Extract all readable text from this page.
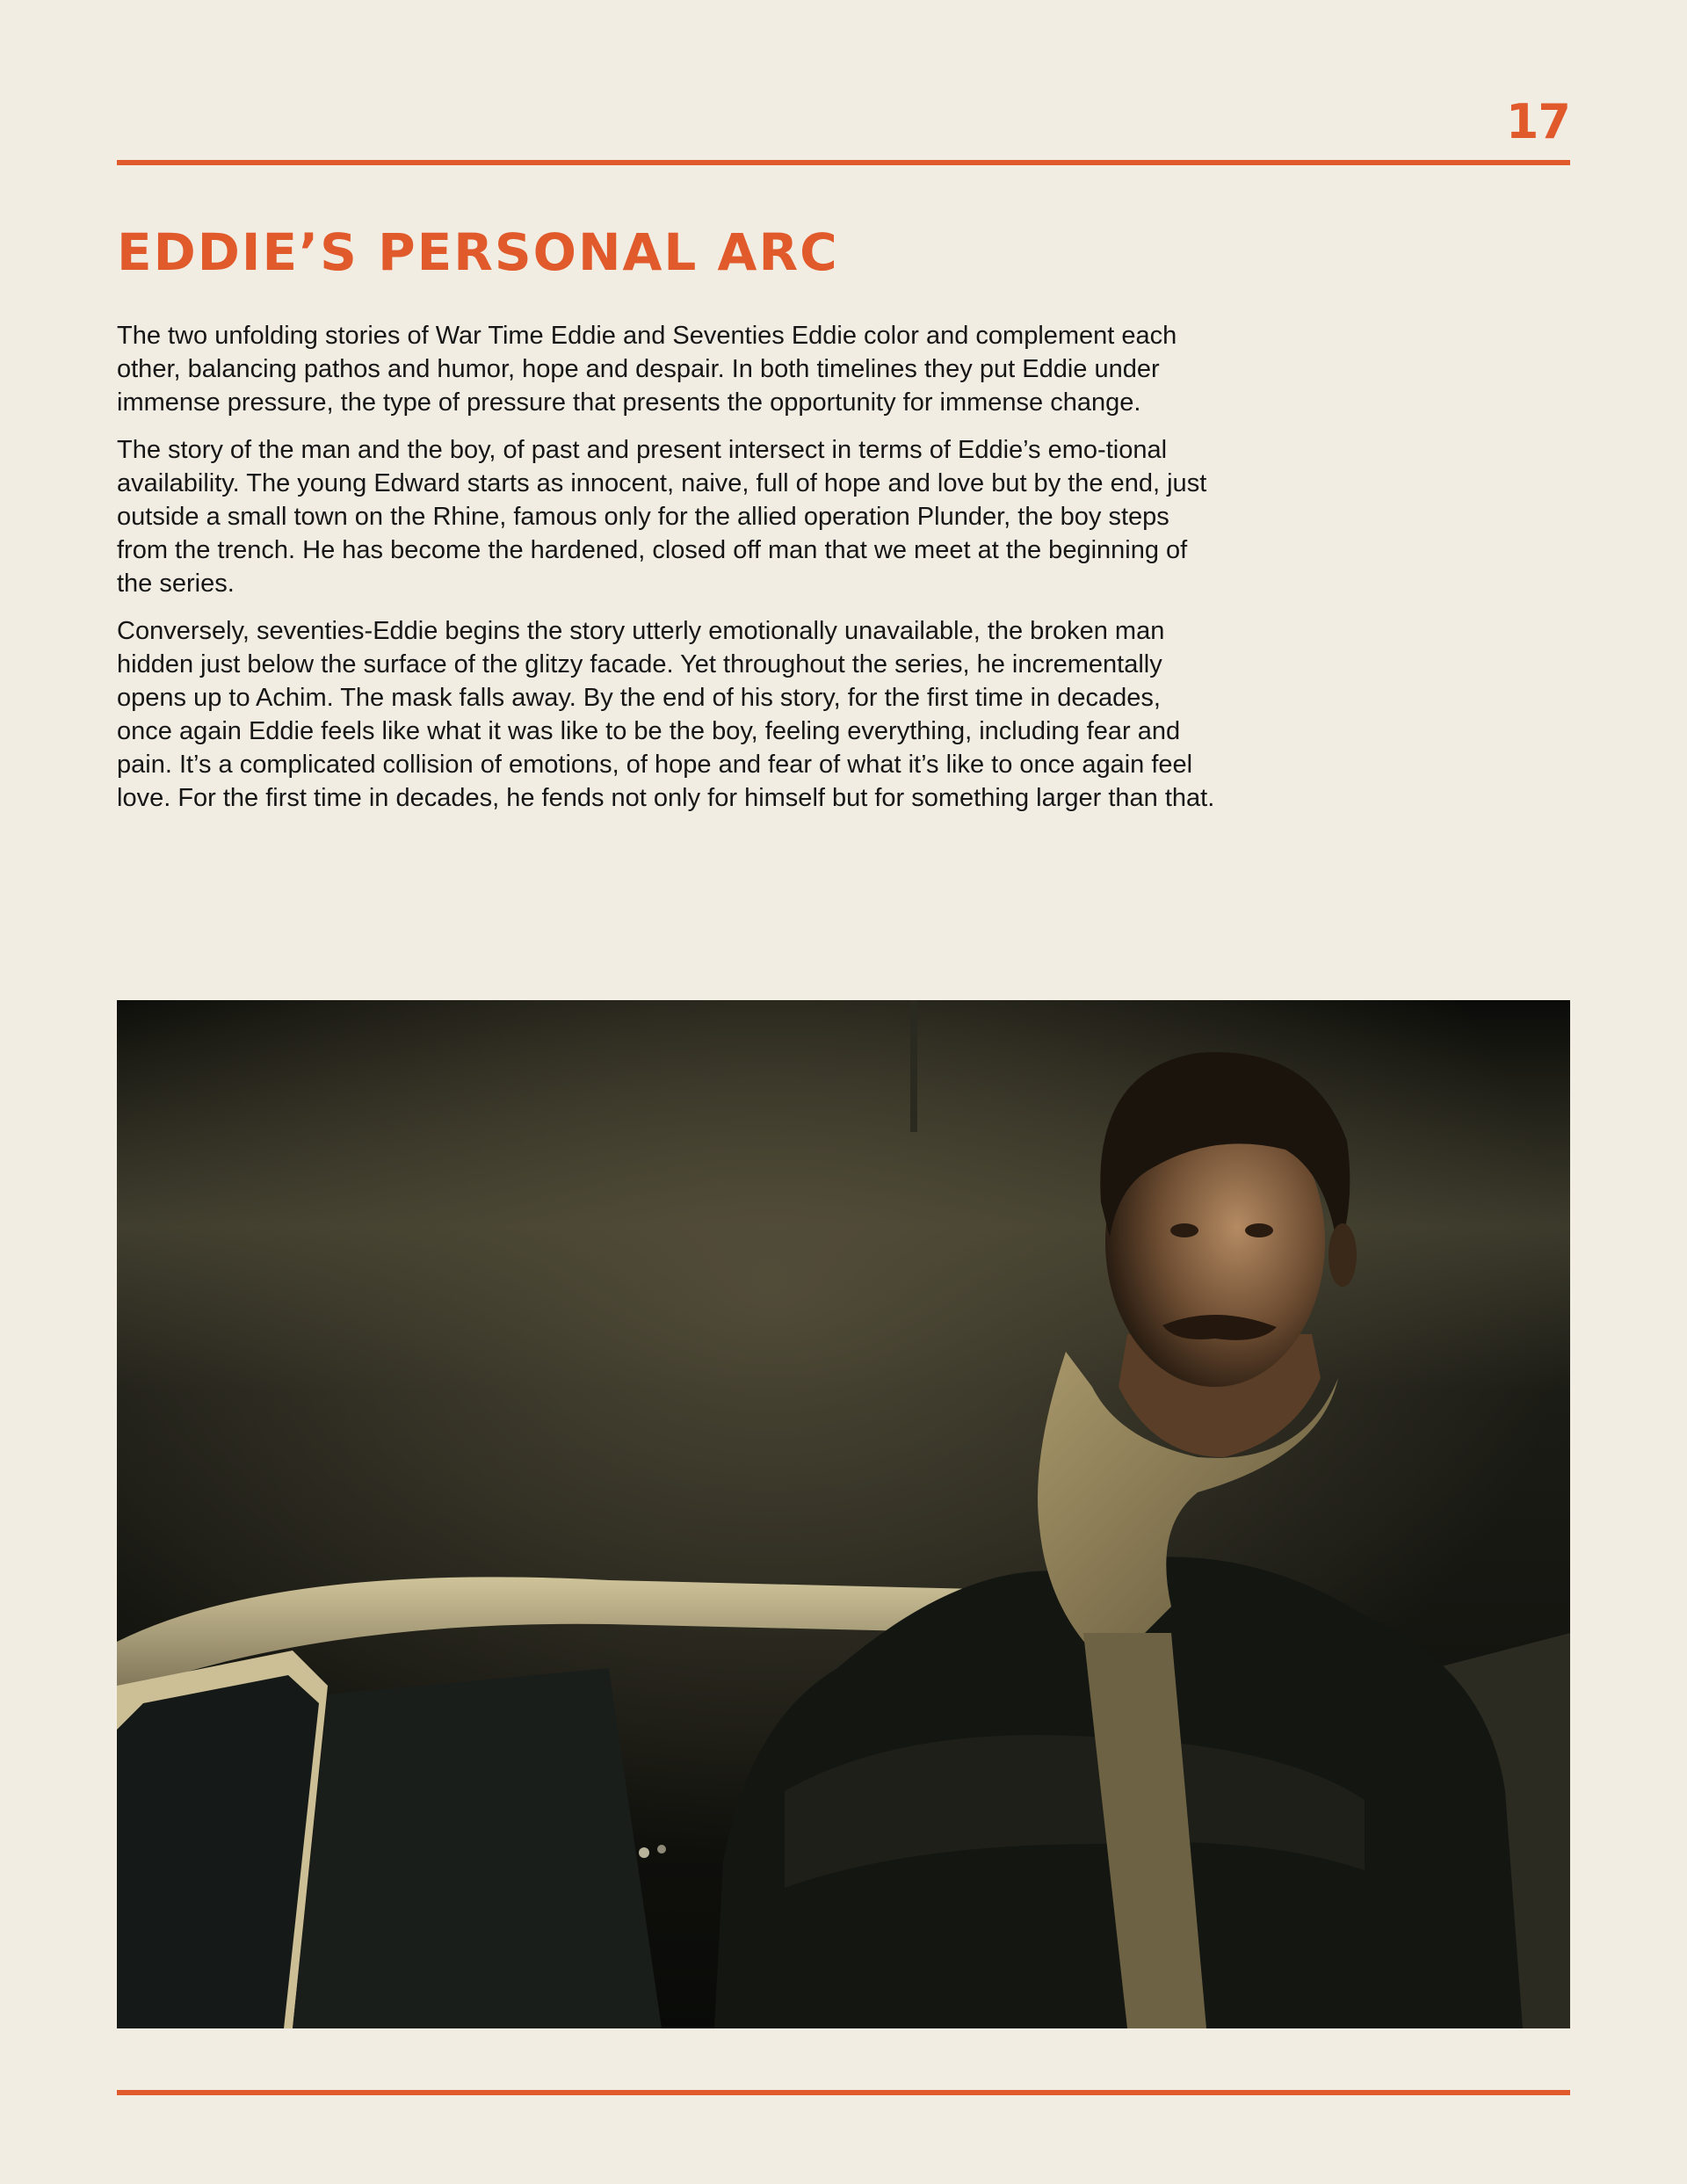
17
EDDIE’S PERSONAL ARC

The two unfolding stories of War Time Eddie and Seventies Eddie color and complement each other, balancing pathos and humor, hope and despair. In both timelines they put Eddie under immense pressure, the type of pressure that presents the opportunity for immense change.

The story of the man and the boy, of past and present intersect in terms of Eddie’s emo-tional availability. The young Edward starts as innocent, naive, full of hope and love but by the end, just outside a small town on the Rhine, famous only for the allied operation Plunder, the boy steps from the trench. He has become the hardened, closed off man that we meet at the beginning of the series.

Conversely, seventies-Eddie begins the story utterly emotionally unavailable, the broken man hidden just below the surface of the glitzy facade. Yet throughout the series, he incrementally opens up to Achim. The mask falls away. By the end of his story, for the first time in decades, once again Eddie feels like what it was like to be the boy, feeling everything, including fear and pain. It’s a complicated collision of emotions, of hope and fear of what it’s like to once again feel love. For the first time in decades, he fends not only for himself but for something larger than that.
